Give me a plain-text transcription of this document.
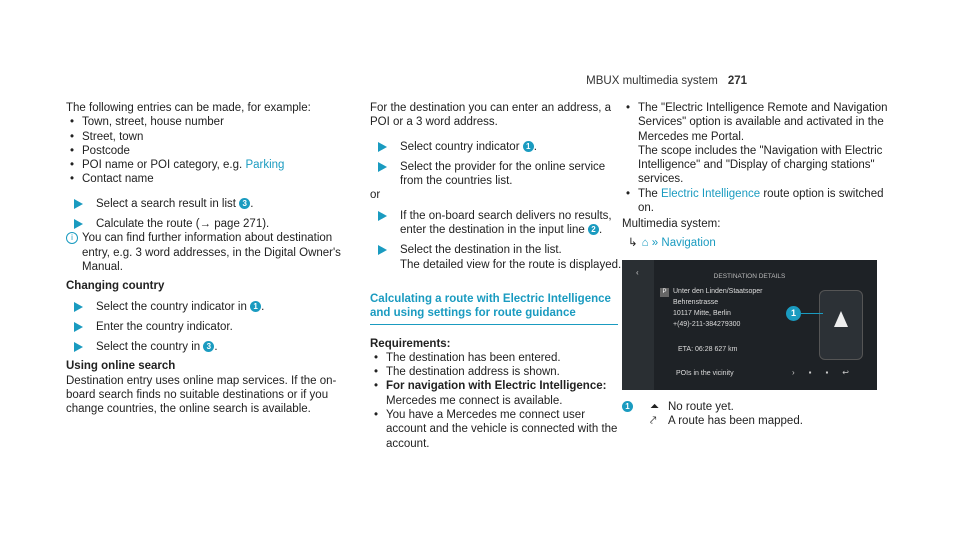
MBUX multimedia system 271

The following entries can be made, for example:

• Town, street, house number
• Street, town
• Postcode
• POI name or POI category, e.g. Parking
• Contact name
Select a search result in list 3 .
Calculate the route (→ page 271).
i You can find further information about destination entry, e.g. 3 word addresses, in the Digital Owner's Manual.
Changing country
Select the country indicator in 1 .
Enter the country indicator.
Select the country in 3 .
Using online search

Destination entry uses online map services. If the on-board search finds no suitable destinations or if you change countries, the online search is available.

For the destination you can enter an address, a POI or a 3 word address.

Select country indicator 1 .
Select the provider for the online service from the countries list.

or

If the on-board search delivers no results, enter the destination in the input line 2 .
Select the destination in the list.
The detailed view for the route is displayed.
Calculating a route with Electric Intelligence and using settings for route guidance
Requirements:
• The destination has been entered.
• The destination address is shown.
• For navigation with Electric Intelligence:
Mercedes me connect is available.
• You have a Mercedes me connect user account and the vehicle is connected with the account.
• The "Electric Intelligence Remote and Navigation Services" option is available and activated in the Mercedes me Portal.
The scope includes the "Navigation with Electric Intelligence" and "Display of charging stations" services.
• The Electric Intelligence route option is switched on.

Multimedia system:

↳ ⌂ » Navigation
‹	DESTINATION DETAILS
P Unter den Linden/Staatsoper
Behrenstrasse
10117 Mitte, Berlin
+(49)-211-384279300
ETA: 06:28 627 km
POIs in the vicinity
1
›▪▪↩
1 ⏶ No route yet.
⤤ A route has been mapped.
